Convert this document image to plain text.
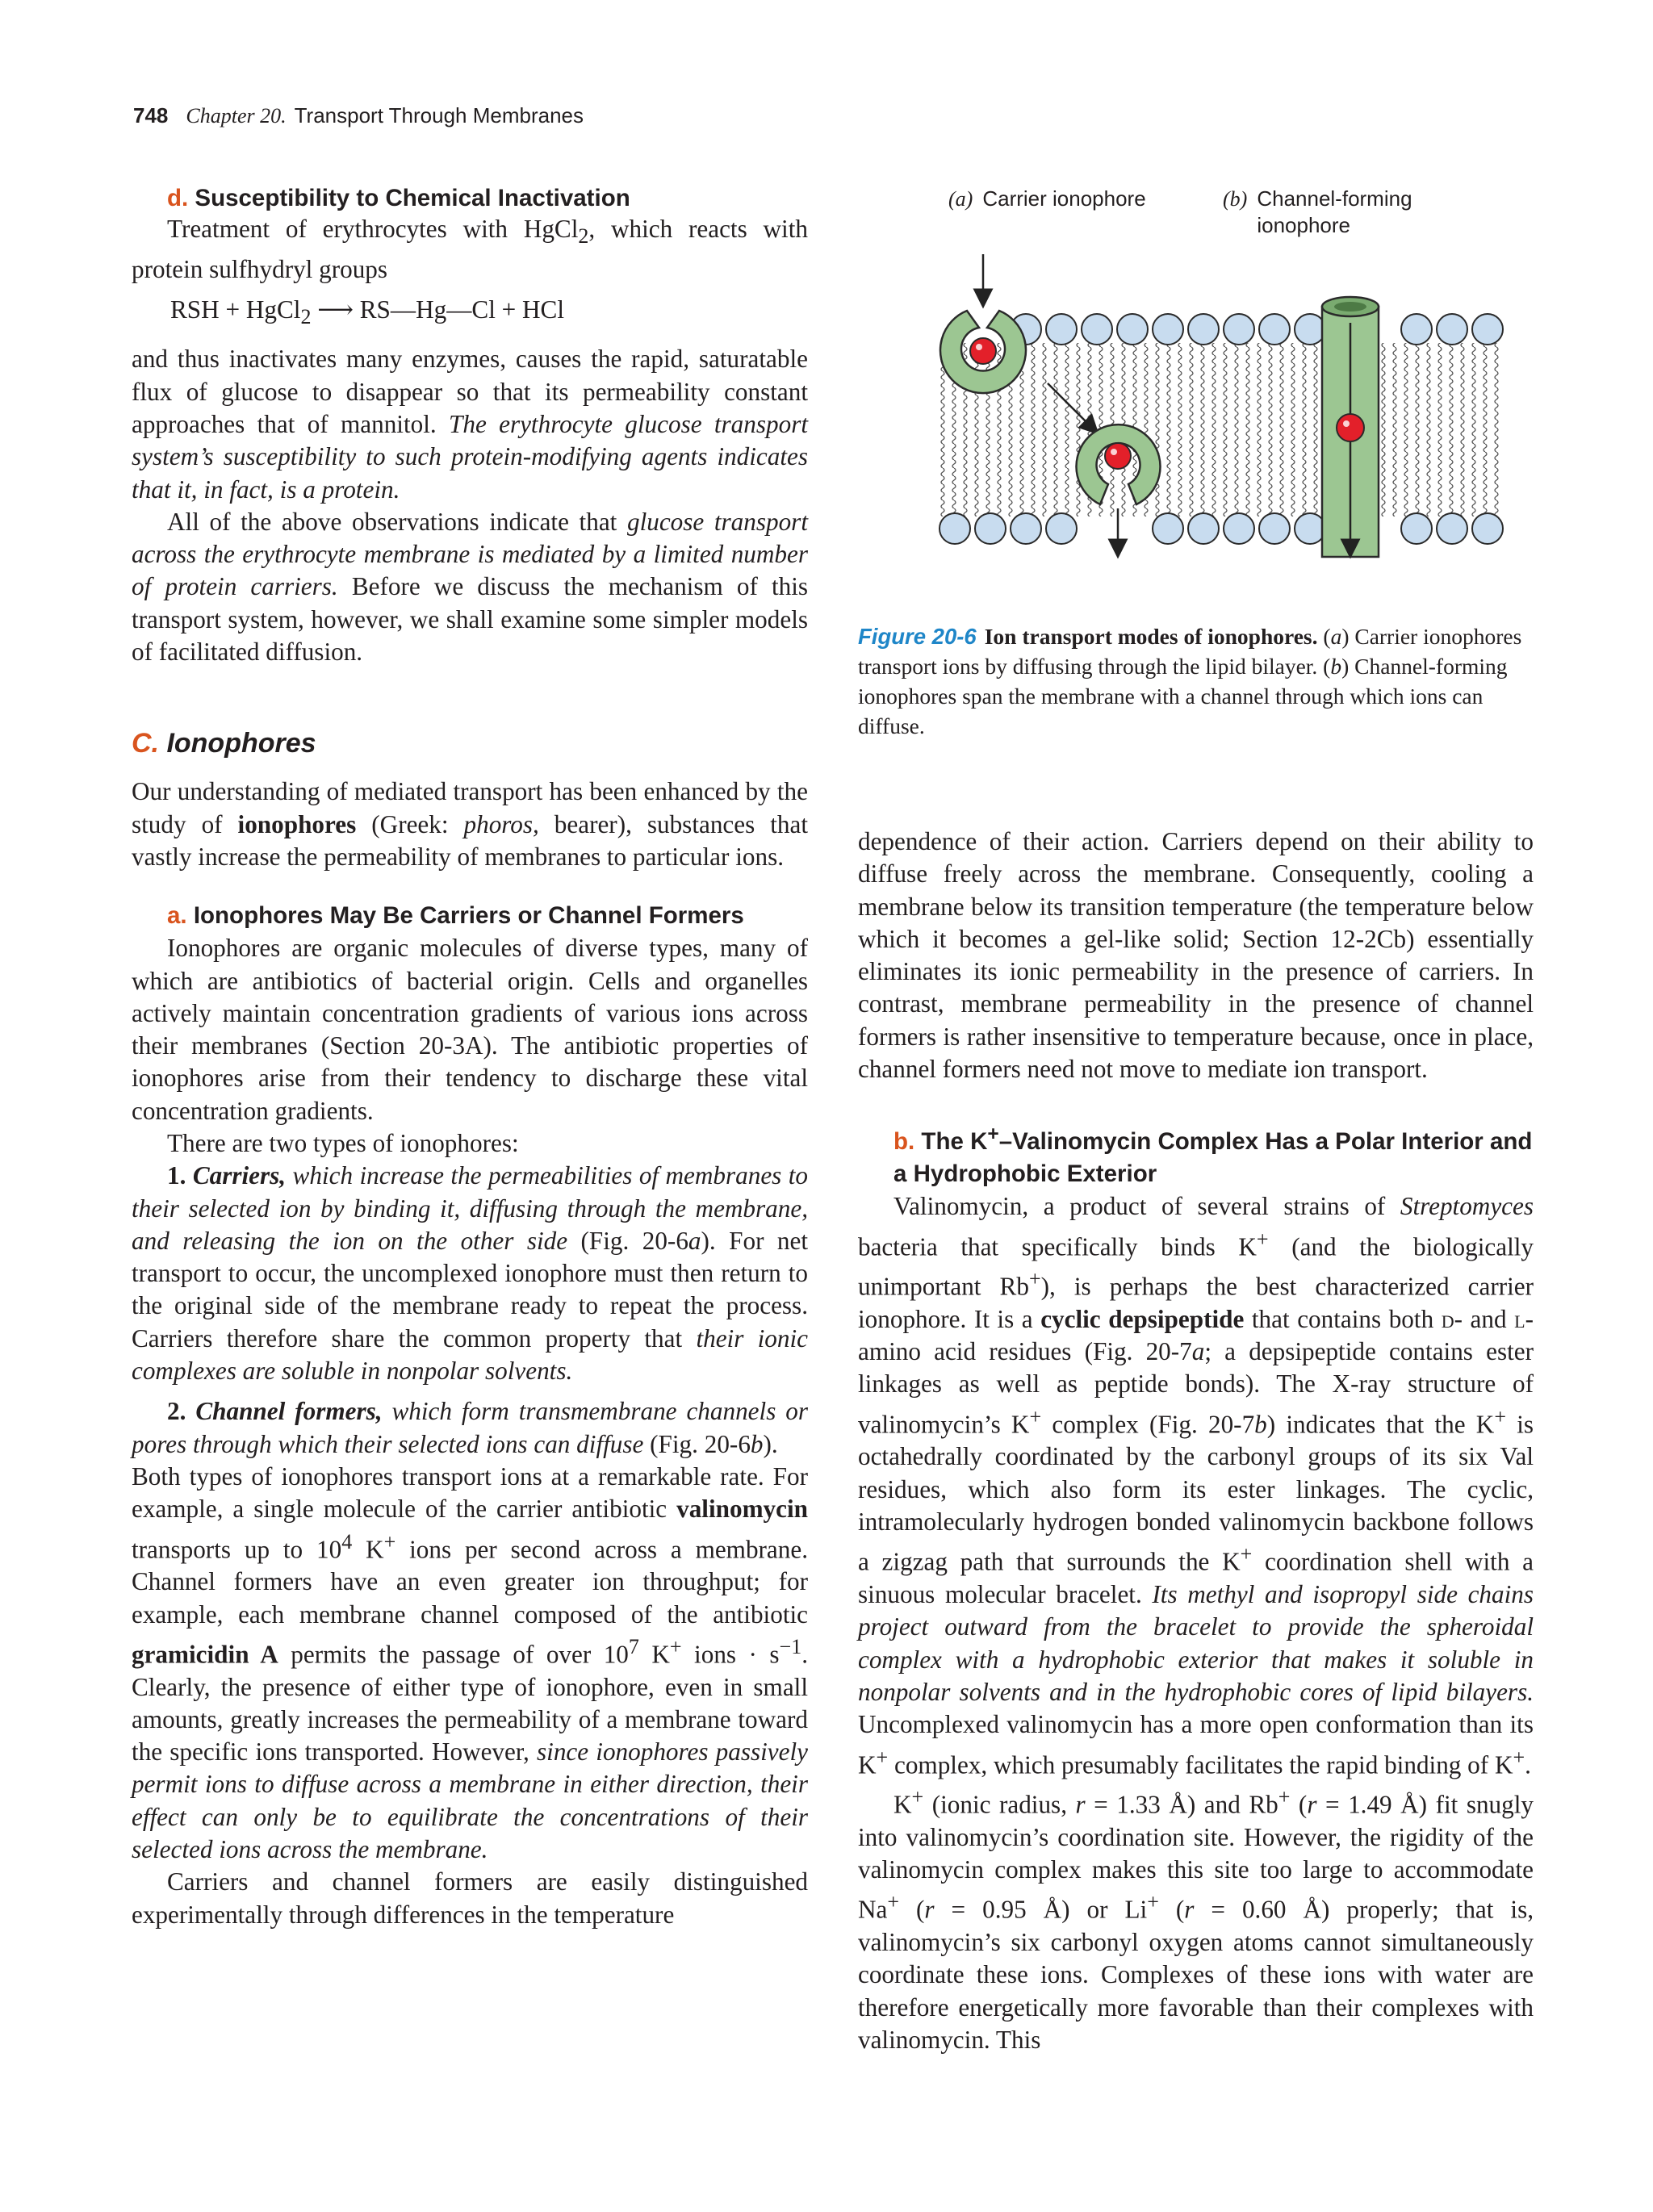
748 Chapter 20. Transport Through Membranes
d. Susceptibility to Chemical Inactivation

Treatment of erythrocytes with HgCl$_2$, which reacts with protein sulfhydryl groups

RSH + HgCl$_2$ ⟶ RS—Hg—Cl + HCl

and thus inactivates many enzymes, causes the rapid, saturatable flux of glucose to disappear so that its permeability constant approaches that of mannitol. The erythrocyte glucose transport system’s susceptibility to such protein-modifying agents indicates that it, in fact, is a protein.

All of the above observations indicate that glucose transport across the erythrocyte membrane is mediated by a limited number of protein carriers. Before we discuss the mechanism of this transport system, however, we shall examine some simpler models of facilitated diffusion.

C. Ionophores

Our understanding of mediated transport has been enhanced by the study of ionophores (Greek: phoros, bearer), substances that vastly increase the permeability of membranes to particular ions.

a. Ionophores May Be Carriers or Channel Formers

Ionophores are organic molecules of diverse types, many of which are antibiotics of bacterial origin. Cells and organelles actively maintain concentration gradients of various ions across their membranes (Section 20-3A). The antibiotic properties of ionophores arise from their tendency to discharge these vital concentration gradients.

There are two types of ionophores:

1. Carriers, which increase the permeabilities of membranes to their selected ion by binding it, diffusing through the membrane, and releasing the ion on the other side (Fig. 20-6a). For net transport to occur, the uncomplexed ionophore must then return to the original side of the membrane ready to repeat the process. Carriers therefore share the common property that their ionic complexes are soluble in nonpolar solvents.

2. Channel formers, which form transmembrane channels or pores through which their selected ions can diffuse (Fig. 20-6b).

Both types of ionophores transport ions at a remarkable rate. For example, a single molecule of the carrier antibiotic valinomycin transports up to $10^4$ K+ ions per second across a membrane. Channel formers have an even greater ion throughput; for example, each membrane channel composed of the antibiotic gramicidin A permits the passage of over $10^7$ K+ ions · $s^{-1}$. Clearly, the presence of either type of ionophore, even in small amounts, greatly increases the permeability of a membrane toward the specific ions transported. However, since ionophores passively permit ions to diffuse across a membrane in either direction, their effect can only be to equilibrate the concentrations of their selected ions across the membrane.

Carriers and channel formers are easily distinguished experimentally through differences in the temperature

(a) Carrier ionophore	(b) Channel-forming
ionophore
Figure 20-6 Ion transport modes of ionophores. (a) Carrier ionophores transport ions by diffusing through the lipid bilayer. (b) Channel-forming ionophores span the membrane with a channel through which ions can diffuse.

dependence of their action. Carriers depend on their ability to diffuse freely across the membrane. Consequently, cooling a membrane below its transition temperature (the temperature below which it becomes a gel-like solid; Section 12-2Cb) essentially eliminates its ionic permeability in the presence of carriers. In contrast, membrane permeability in the presence of channel formers is rather insensitive to temperature because, once in place, channel formers need not move to mediate ion transport.

b. The K+–Valinomycin Complex Has a Polar Interior and a Hydrophobic Exterior

Valinomycin, a product of several strains of Streptomyces bacteria that specifically binds K+ (and the biologically unimportant Rb+), is perhaps the best characterized carrier ionophore. It is a cyclic depsipeptide that contains both d- and l-amino acid residues (Fig. 20-7a; a depsipeptide contains ester linkages as well as peptide bonds). The X-ray structure of valinomycin’s K+ complex (Fig. 20-7b) indicates that the K+ is octahedrally coordinated by the carbonyl groups of its six Val residues, which also form its ester linkages. The cyclic, intramolecularly hydrogen bonded valinomycin backbone follows a zigzag path that surrounds the K+ coordination shell with a sinuous molecular bracelet. Its methyl and isopropyl side chains project outward from the bracelet to provide the spheroidal complex with a hydrophobic exterior that makes it soluble in nonpolar solvents and in the hydrophobic cores of lipid bilayers. Uncomplexed valinomycin has a more open conformation than its K+ complex, which presumably facilitates the rapid binding of K+.

K+ (ionic radius, r = 1.33 Å) and Rb+ (r = 1.49 Å) fit snugly into valinomycin’s coordination site. However, the rigidity of the valinomycin complex makes this site too large to accommodate Na+ (r = 0.95 Å) or Li+ (r = 0.60 Å) properly; that is, valinomycin’s six carbonyl oxygen atoms cannot simultaneously coordinate these ions. Complexes of these ions with water are therefore energetically more favorable than their complexes with valinomycin. This
